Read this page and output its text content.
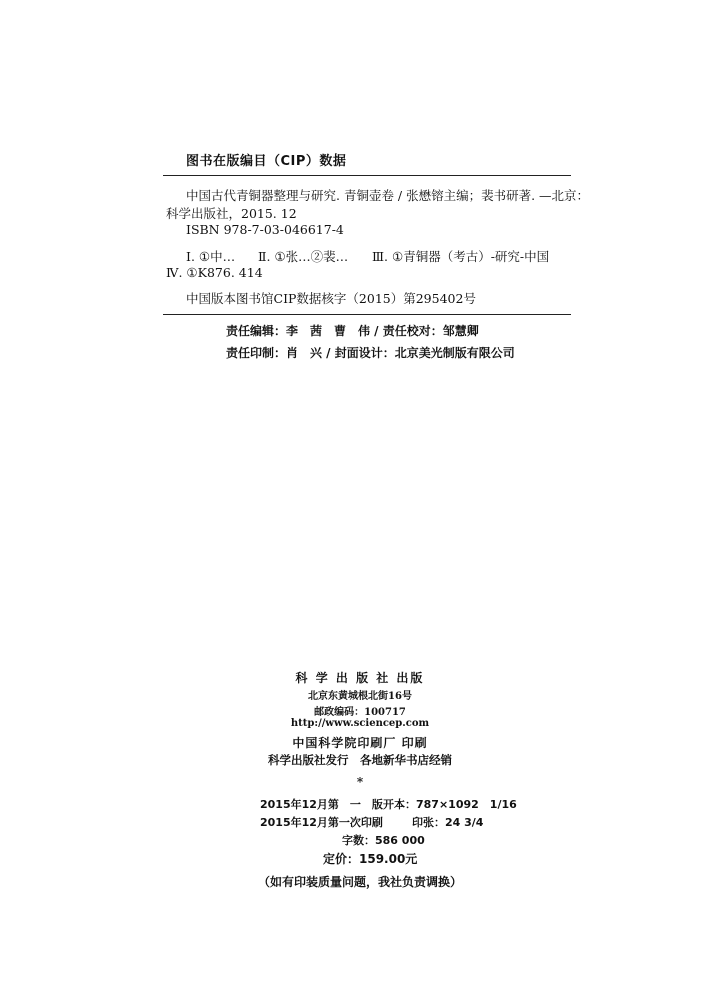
图书在版编目（CIP）数据
中国古代青铜器整理与研究. 青铜壶卷 / 张懋镕主编；裴书研著. —北京：
科学出版社，2015. 12
ISBN 978-7-03-046617-4
Ⅰ. ①中… Ⅱ. ①张…②裴… Ⅲ. ①青铜器（考古）-研究-中国
Ⅳ. ①K876. 414
中国版本图书馆CIP数据核字（2015）第295402号
责任编辑：李　茜　曹　伟 / 责任校对：邹慧卿
责任印制：肖　兴 / 封面设计：北京美光制版有限公司
科 学 出 版 社 出版
北京东黄城根北街16号
邮政编码：100717
http://www.sciencep.com
中国科学院印刷厂 印刷
科学出版社发行　各地新华书店经销
*
2015年12月第　一　版 开本：787×1092　1/16
2015年12月第一次印刷	印张：24 3/4
字数：586 000
定价：159.00元
（如有印装质量问题，我社负责调换）
